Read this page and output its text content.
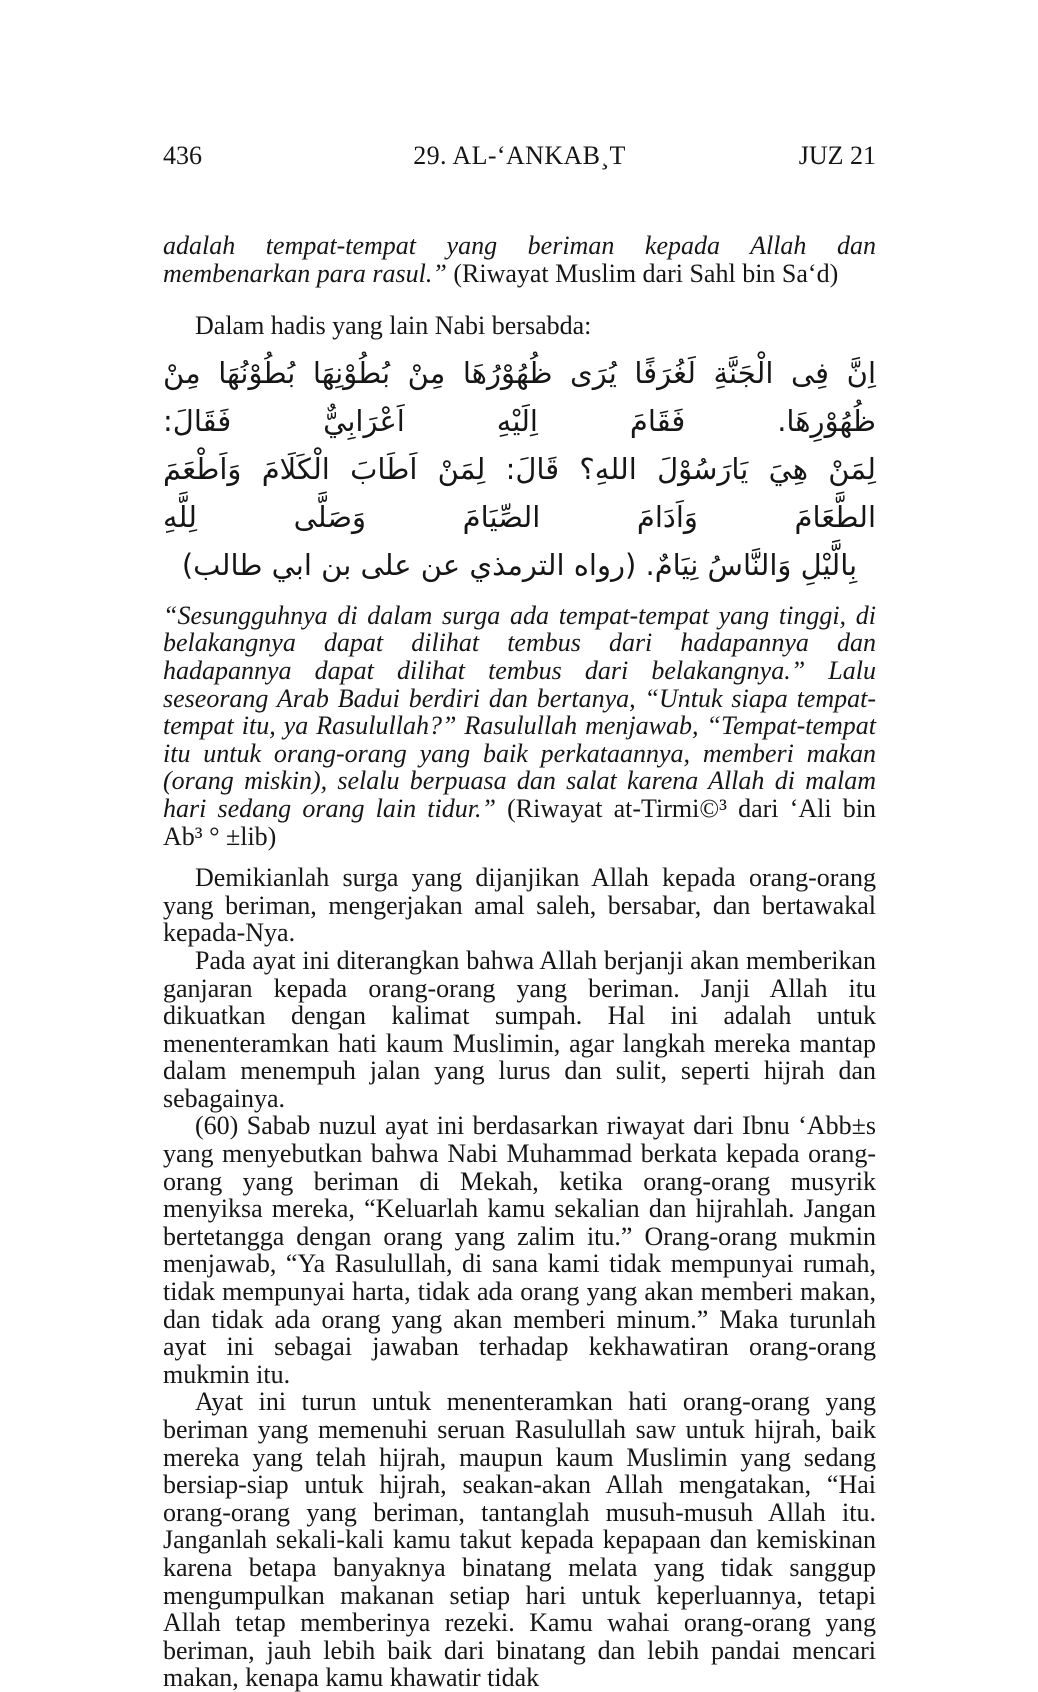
436	29. AL-‘ANKAB¸T	JUZ 21

adalah tempat-tempat yang beriman kepada Allah dan membenarkan para rasul.” (Riwayat Muslim dari Sahl bin Sa‘d)

Dalam hadis yang lain Nabi bersabda:

اِنَّ فِى الْجَنَّةِ لَغُرَفًا يُرَى ظُهُوْرُهَا مِنْ بُطُوْنِهَا بُطُوْنُهَا مِنْ ظُهُوْرِهَا. فَقَامَ اِلَيْهِ اَعْرَابِيٌّ فَقَالَ:
لِمَنْ هِيَ يَارَسُوْلَ اللهِ؟ قَالَ: لِمَنْ اَطَابَ الْكَلَامَ وَاَطْعَمَ الطَّعَامَ وَاَدَامَ الصِّيَامَ وَصَلَّى لِلَّهِ
بِالَّيْلِ وَالنَّاسُ نِيَامٌ. (رواه الترمذي عن على بن ابي طالب)

“Sesungguhnya di dalam surga ada tempat-tempat yang tinggi, di belakangnya dapat dilihat tembus dari hadapannya dan hadapannya dapat dilihat tembus dari belakangnya.” Lalu seseorang Arab Badui berdiri dan bertanya, “Untuk siapa tempat-tempat itu, ya Rasulullah?” Rasulullah menjawab, “Tempat-tempat itu untuk orang-orang yang baik perkataannya, memberi makan (orang miskin), selalu berpuasa dan salat karena Allah di malam hari sedang orang lain tidur.” (Riwayat at-Tirmi©³ dari ‘Ali bin Ab³ ° ±lib)

Demikianlah surga yang dijanjikan Allah kepada orang-orang yang beriman, mengerjakan amal saleh, bersabar, dan bertawakal kepada-Nya.

Pada ayat ini diterangkan bahwa Allah berjanji akan memberikan ganjaran kepada orang-orang yang beriman. Janji Allah itu dikuatkan dengan kalimat sumpah. Hal ini adalah untuk menenteramkan hati kaum Muslimin, agar langkah mereka mantap dalam menempuh jalan yang lurus dan sulit, seperti hijrah dan sebagainya.

(60) Sabab nuzul ayat ini berdasarkan riwayat dari Ibnu ‘Abb±s yang menyebutkan bahwa Nabi Muhammad berkata kepada orang-orang yang beriman di Mekah, ketika orang-orang musyrik menyiksa mereka, “Keluarlah kamu sekalian dan hijrahlah. Jangan bertetangga dengan orang yang zalim itu.” Orang-orang mukmin menjawab, “Ya Rasulullah, di sana kami tidak mempunyai rumah, tidak mempunyai harta, tidak ada orang yang akan memberi makan, dan tidak ada orang yang akan memberi minum.” Maka turunlah ayat ini sebagai jawaban terhadap kekhawatiran orang-orang mukmin itu.

Ayat ini turun untuk menenteramkan hati orang-orang yang beriman yang memenuhi seruan Rasulullah saw untuk hijrah, baik mereka yang telah hijrah, maupun kaum Muslimin yang sedang bersiap-siap untuk hijrah, seakan-akan Allah mengatakan, “Hai orang-orang yang beriman, tantanglah musuh-musuh Allah itu. Janganlah sekali-kali kamu takut kepada kepapaan dan kemiskinan karena betapa banyaknya binatang melata yang tidak sanggup mengumpulkan makanan setiap hari untuk keperluannya, tetapi Allah tetap memberinya rezeki. Kamu wahai orang-orang yang beriman, jauh lebih baik dari binatang dan lebih pandai mencari makan, kenapa kamu khawatir tidak
